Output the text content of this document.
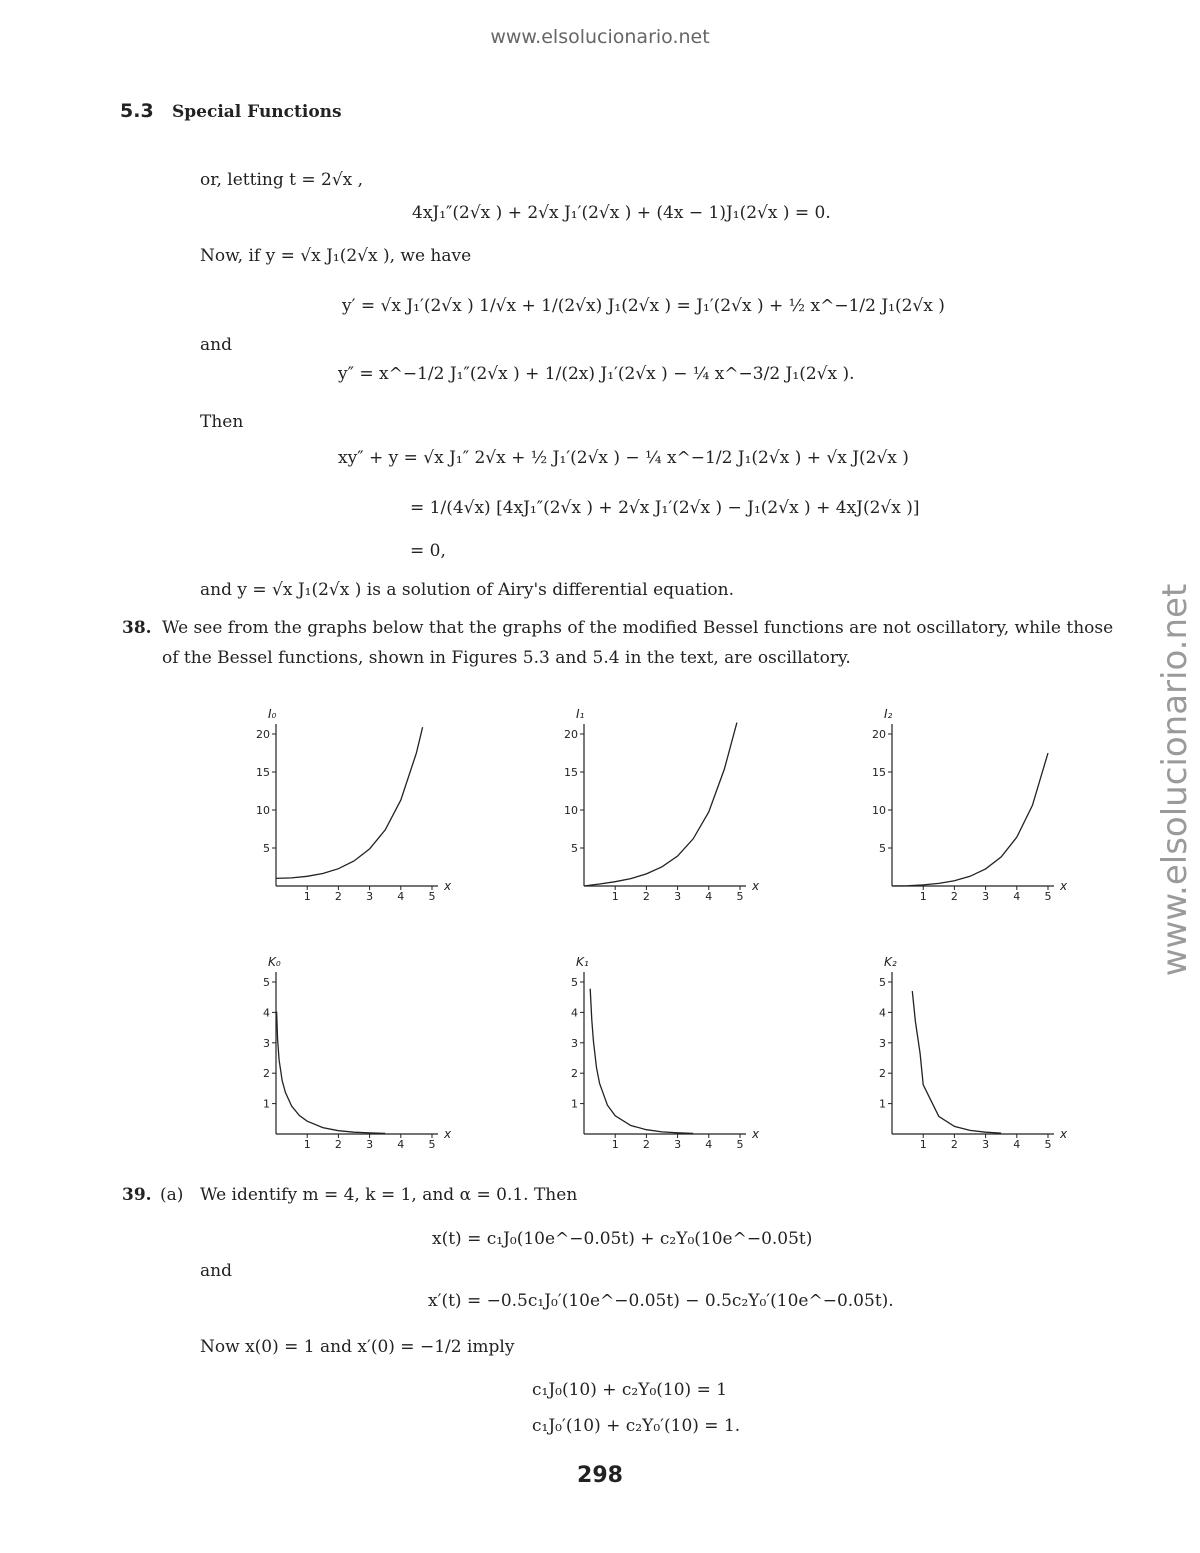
www.elsolucionario.net
www.elsolucionario.net
5.3 Special Functions
or, letting t = 2√x ,
4xJ₁″(2√x ) + 2√x J₁′(2√x ) + (4x − 1)J₁(2√x ) = 0.
Now, if y = √x J₁(2√x ), we have
y′ = √x J₁′(2√x ) 1/√x + 1/(2√x) J₁(2√x ) = J₁′(2√x ) + ½ x^−1/2 J₁(2√x )
and
y″ = x^−1/2 J₁″(2√x ) + 1/(2x) J₁′(2√x ) − ¼ x^−3/2 J₁(2√x ).
Then
xy″ + y = √x J₁″ 2√x + ½ J₁′(2√x ) − ¼ x^−1/2 J₁(2√x ) + √x J(2√x )
= 1/(4√x) [4xJ₁″(2√x ) + 2√x J₁′(2√x ) − J₁(2√x ) + 4xJ(2√x )]
= 0,
and y = √x J₁(2√x ) is a solution of Airy's differential equation.
38. We see from the graphs below that the graphs of the modified Bessel functions are not oscillatory, while those
of the Bessel functions, shown in Figures 5.3 and 5.4 in the text, are oscillatory.
1 2 3 4 5
5
10
15
20
x
I₀
1 2 3 4 5
5
10
15
20
x
I₁
1 2 3 4 5
5
10
15
20
x
I₂
1 2 3 4 5
1
2
3
4
5
x
K₀
1 2 3 4 5
1
2
3
4
5
x
K₁
1 2 3 4 5
1
2
3
4
5
x
K₂
39. (a) We identify m = 4, k = 1, and α = 0.1. Then
x(t) = c₁J₀(10e^−0.05t) + c₂Y₀(10e^−0.05t)
and
x′(t) = −0.5c₁J₀′(10e^−0.05t) − 0.5c₂Y₀′(10e^−0.05t).
Now x(0) = 1 and x′(0) = −1/2 imply
c₁J₀(10) + c₂Y₀(10) = 1
c₁J₀′(10) + c₂Y₀′(10) = 1.
298
